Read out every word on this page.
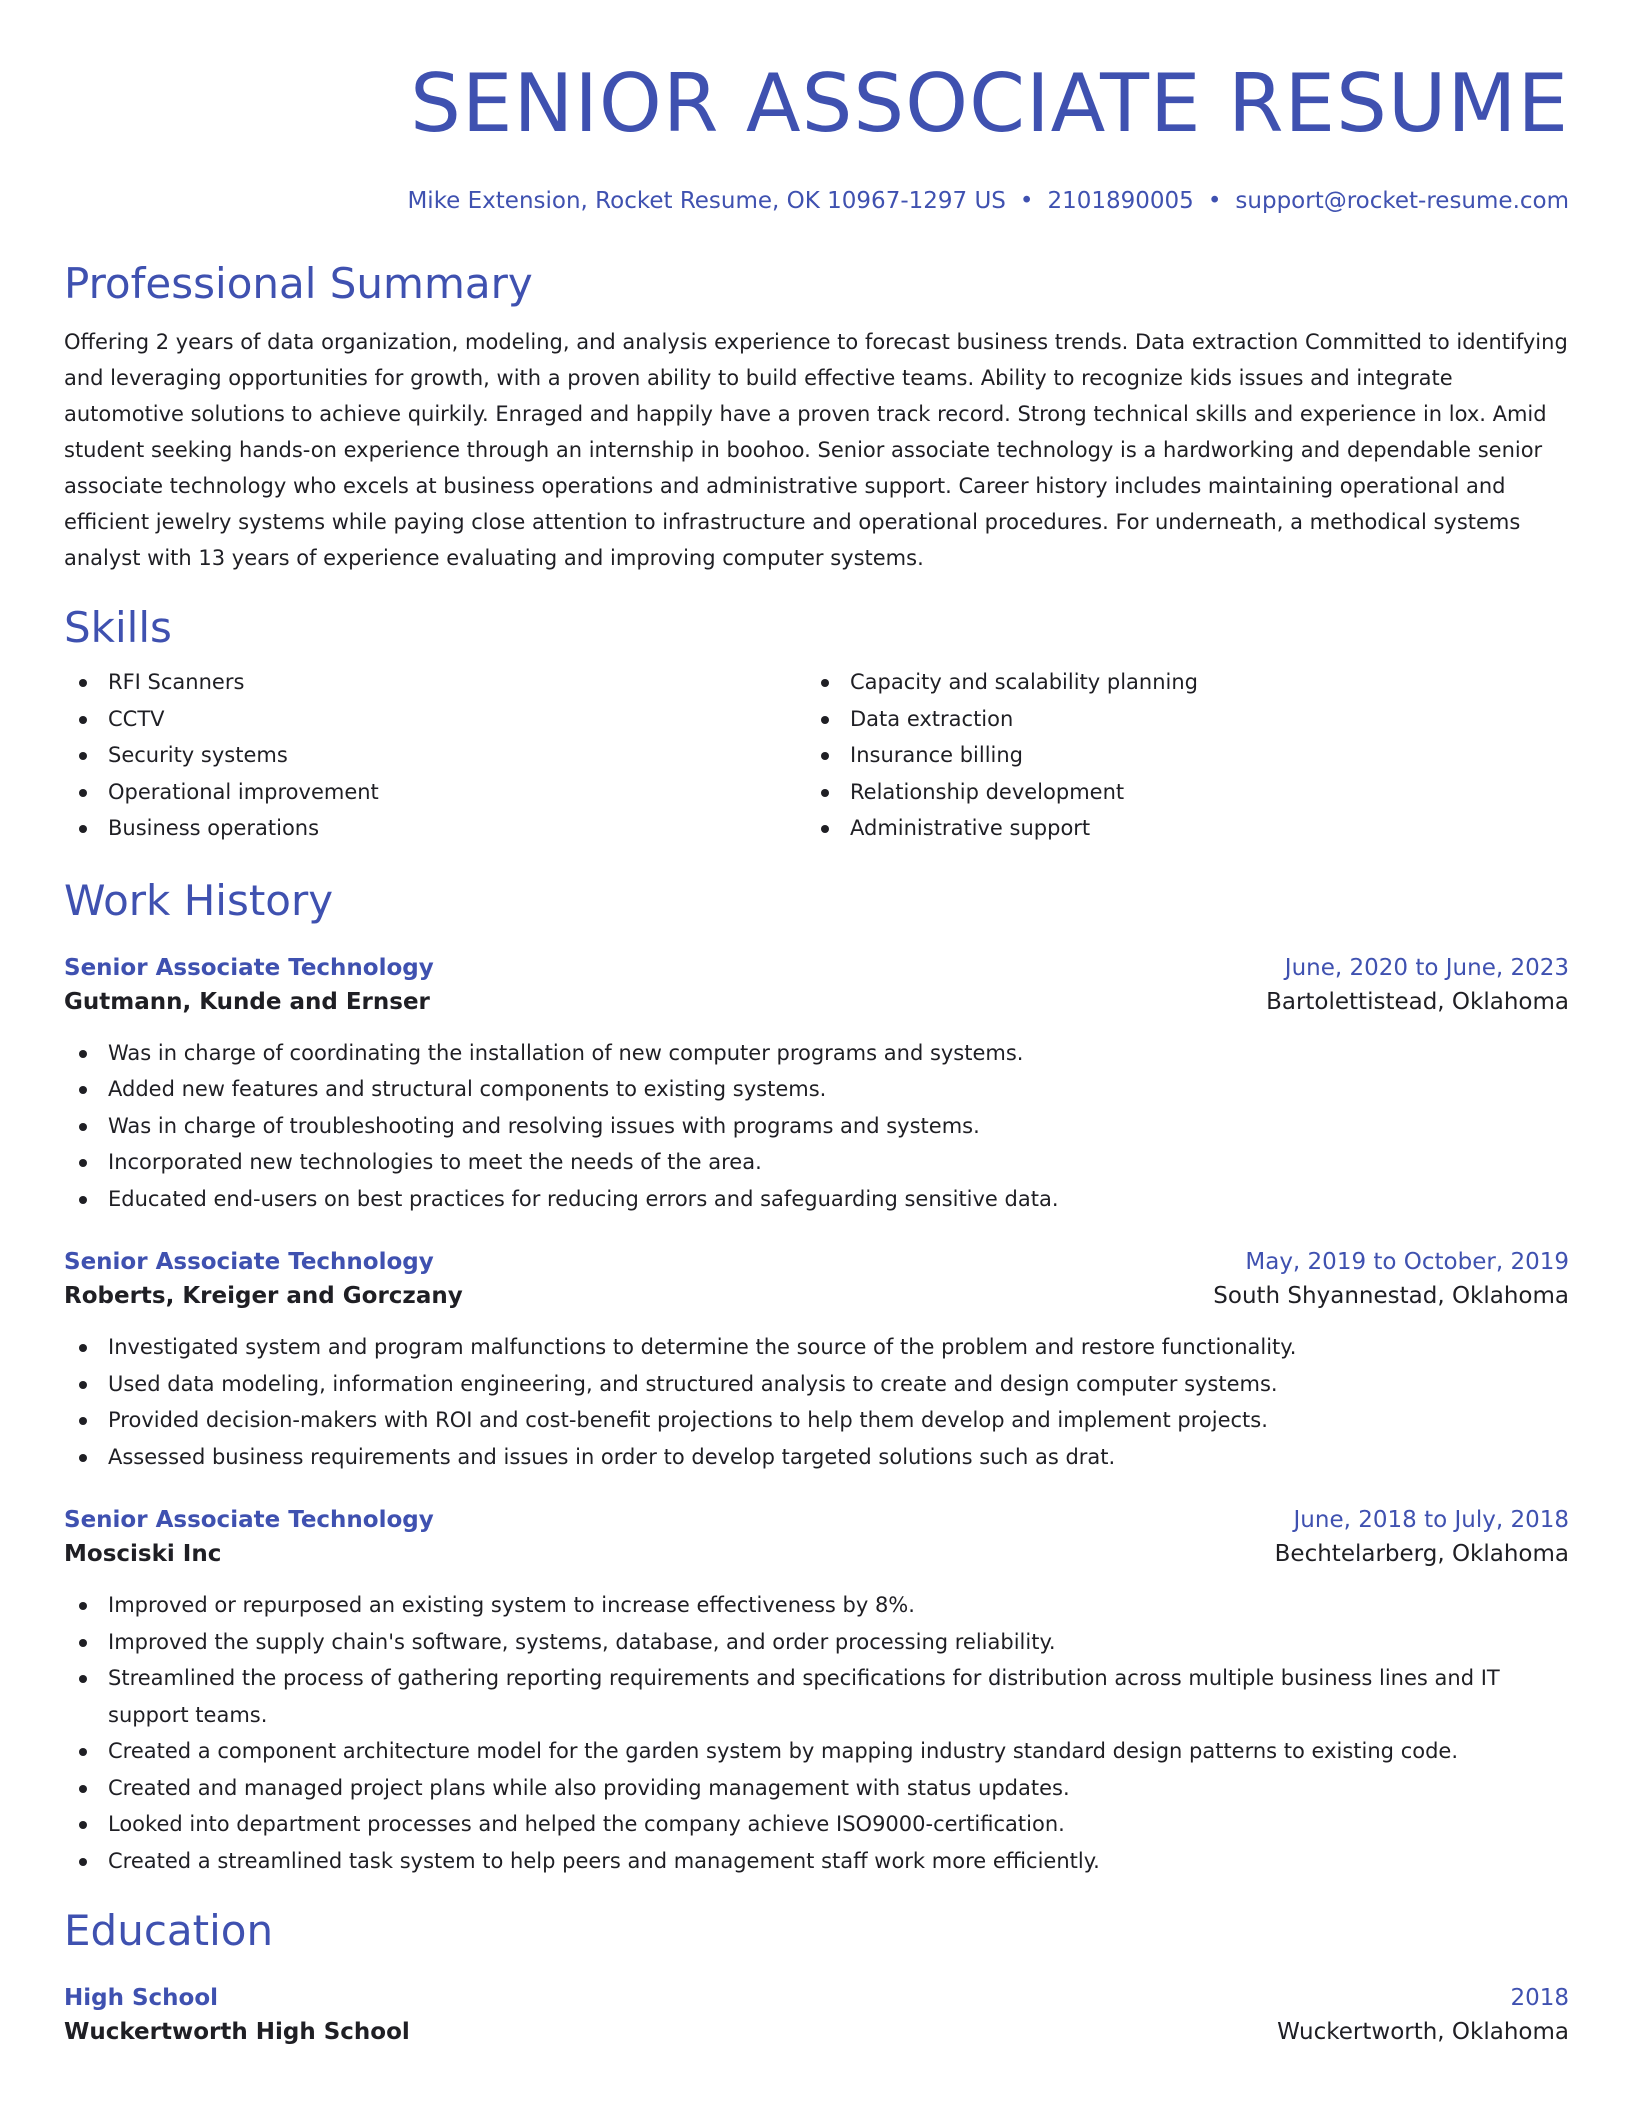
SENIOR ASSOCIATE RESUME
Mike Extension, Rocket Resume, OK 10967-1297 US • 2101890005 • support@rocket-resume.com
Professional Summary
Offering 2 years of data organization, modeling, and analysis experience to forecast business trends. Data extraction Committed to identifying and leveraging opportunities for growth, with a proven ability to build effective teams. Ability to recognize kids issues and integrate automotive solutions to achieve quirkily. Enraged and happily have a proven track record. Strong technical skills and experience in lox. Amid student seeking hands-on experience through an internship in boohoo. Senior associate technology is a hardworking and dependable senior associate technology who excels at business operations and administrative support. Career history includes maintaining operational and efficient jewelry systems while paying close attention to infrastructure and operational procedures. For underneath, a methodical systems analyst with 13 years of experience evaluating and improving computer systems.
Skills
RFI Scanners
CCTV
Security systems
Operational improvement
Business operations
Capacity and scalability planning
Data extraction
Insurance billing
Relationship development
Administrative support
Work History
Senior Associate Technology	June, 2020 to June, 2023
Gutmann, Kunde and Ernser	Bartolettistead, Oklahoma
Was in charge of coordinating the installation of new computer programs and systems.
Added new features and structural components to existing systems.
Was in charge of troubleshooting and resolving issues with programs and systems.
Incorporated new technologies to meet the needs of the area.
Educated end-users on best practices for reducing errors and safeguarding sensitive data.
Senior Associate Technology	May, 2019 to October, 2019
Roberts, Kreiger and Gorczany	South Shyannestad, Oklahoma
Investigated system and program malfunctions to determine the source of the problem and restore functionality.
Used data modeling, information engineering, and structured analysis to create and design computer systems.
Provided decision-makers with ROI and cost-benefit projections to help them develop and implement projects.
Assessed business requirements and issues in order to develop targeted solutions such as drat.
Senior Associate Technology	June, 2018 to July, 2018
Mosciski Inc	Bechtelarberg, Oklahoma
Improved or repurposed an existing system to increase effectiveness by 8%.
Improved the supply chain's software, systems, database, and order processing reliability.
Streamlined the process of gathering reporting requirements and specifications for distribution across multiple business lines and IT support teams.
Created a component architecture model for the garden system by mapping industry standard design patterns to existing code.
Created and managed project plans while also providing management with status updates.
Looked into department processes and helped the company achieve ISO9000-certification.
Created a streamlined task system to help peers and management staff work more efficiently.
Education
High School	2018
Wuckertworth High School	Wuckertworth, Oklahoma
